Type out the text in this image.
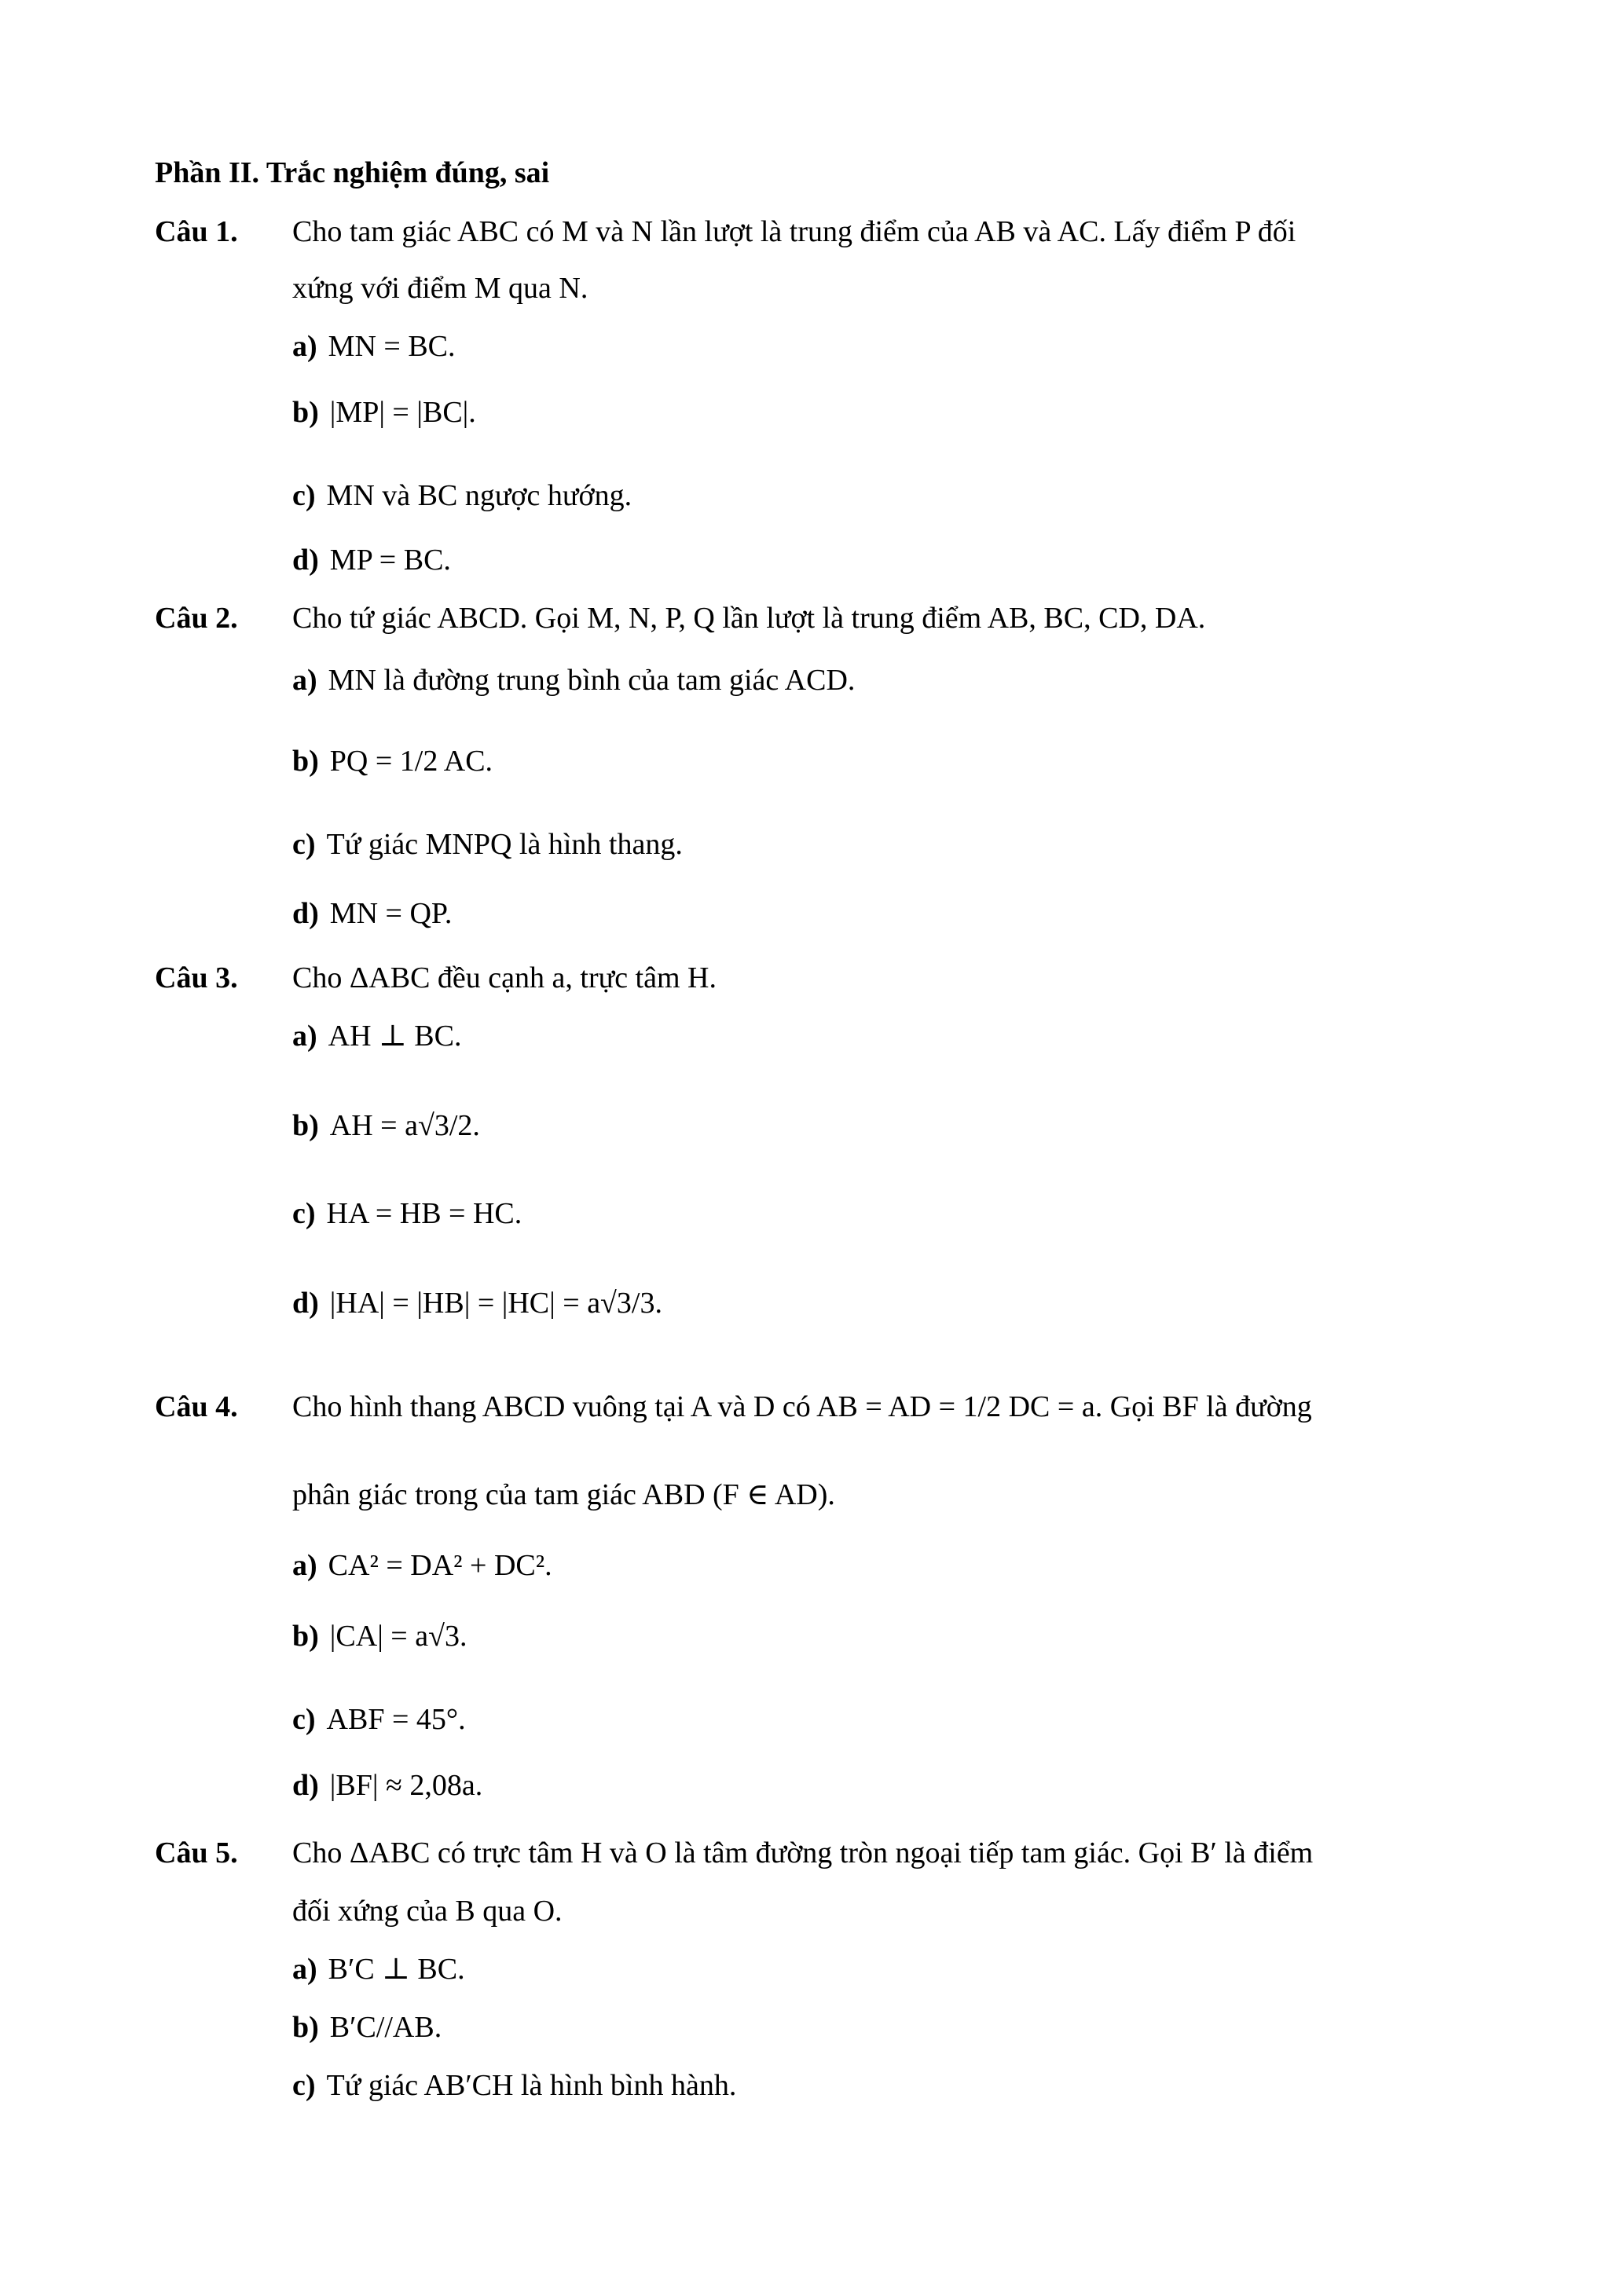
Phần II. Trắc nghiệm đúng, sai
Câu 1. Cho tam giác ABC có M và N lần lượt là trung điểm của AB và AC. Lấy điểm P đối
xứng với điểm M qua N.
a) MN = BC.
b) |MP| = |BC|.
c) MN và BC ngược hướng.
d) MP = BC.
Câu 2. Cho tứ giác ABCD. Gọi M, N, P, Q lần lượt là trung điểm AB, BC, CD, DA.
a) MN là đường trung bình của tam giác ACD.
b) PQ = 1/2 AC.
c) Tứ giác MNPQ là hình thang.
d) MN = QP.
Câu 3. Cho ΔABC đều cạnh a, trực tâm H.
a) AH ⊥ BC.
b) AH = a√3/2.
c) HA = HB = HC.
d) |HA| = |HB| = |HC| = a√3/3.
Câu 4. Cho hình thang ABCD vuông tại A và D có AB = AD = 1/2 DC = a. Gọi BF là đường
phân giác trong của tam giác ABD (F ∈ AD).
a) CA² = DA² + DC².
b) |CA| = a√3.
c) ABF = 45°.
d) |BF| ≈ 2,08a.
Câu 5. Cho ΔABC có trực tâm H và O là tâm đường tròn ngoại tiếp tam giác. Gọi B′ là điểm
đối xứng của B qua O.
a) B′C ⊥ BC.
b) B′C//AB.
c) Tứ giác AB′CH là hình bình hành.
